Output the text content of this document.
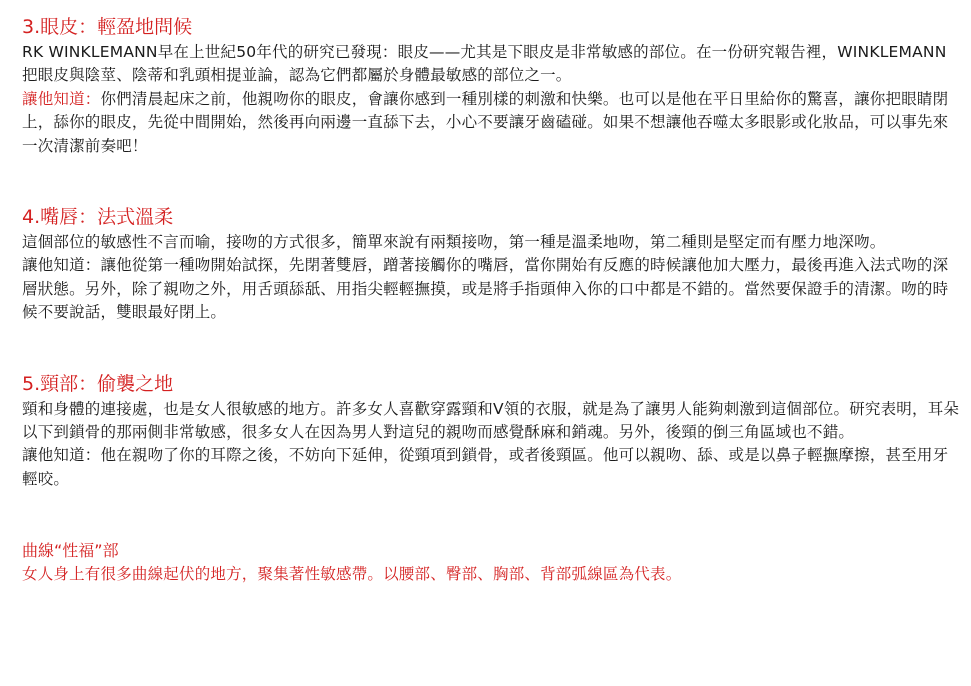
3.眼皮：輕盈地問候

RK WINKLEMANN早在上世紀50年代的研究已發現：眼皮——尤其是下眼皮是非常敏感的部位。在一份研究報告裡，WINKLEMANN把眼皮與陰莖、陰蒂和乳頭相提並論，認為它們都屬於身體最敏感的部位之一。

讓他知道：你們清晨起床之前，他親吻你的眼皮，會讓你感到一種別樣的刺激和快樂。也可以是他在平日里給你的驚喜，讓你把眼睛閉上，舔你的眼皮，先從中間開始，然後再向兩邊一直舔下去，小心不要讓牙齒磕碰。如果不想讓他吞噬太多眼影或化妝品，可以事先來一次清潔前奏吧！

4.嘴唇：法式溫柔

這個部位的敏感性不言而喻，接吻的方式很多，簡單來說有兩類接吻，第一種是溫柔地吻，第二種則是堅定而有壓力地深吻。

讓他知道：讓他從第一種吻開始試探，先閉著雙唇，蹭著接觸你的嘴唇，當你開始有反應的時候讓他加大壓力，最後再進入法式吻的深層狀態。另外，除了親吻之外，用舌頭舔舐、用指尖輕輕撫摸，或是將手指頭伸入你的口中都是不錯的。當然要保證手的清潔。吻的時候不要說話，雙眼最好閉上。

5.頸部：偷襲之地

頸和身體的連接處，也是女人很敏感的地方。許多女人喜歡穿露頸和V領的衣服，就是為了讓男人能夠刺激到這個部位。研究表明，耳朵以下到鎖骨的那兩側非常敏感，很多女人在因為男人對這兒的親吻而感覺酥麻和銷魂。另外，後頸的倒三角區域也不錯。

讓他知道：他在親吻了你的耳際之後，不妨向下延伸，從頸項到鎖骨，或者後頸區。他可以親吻、舔、或是以鼻子輕撫摩擦，甚至用牙輕咬。

曲線“性福”部

女人身上有很多曲線起伏的地方，聚集著性敏感帶。以腰部、臀部、胸部、背部弧線區為代表。
